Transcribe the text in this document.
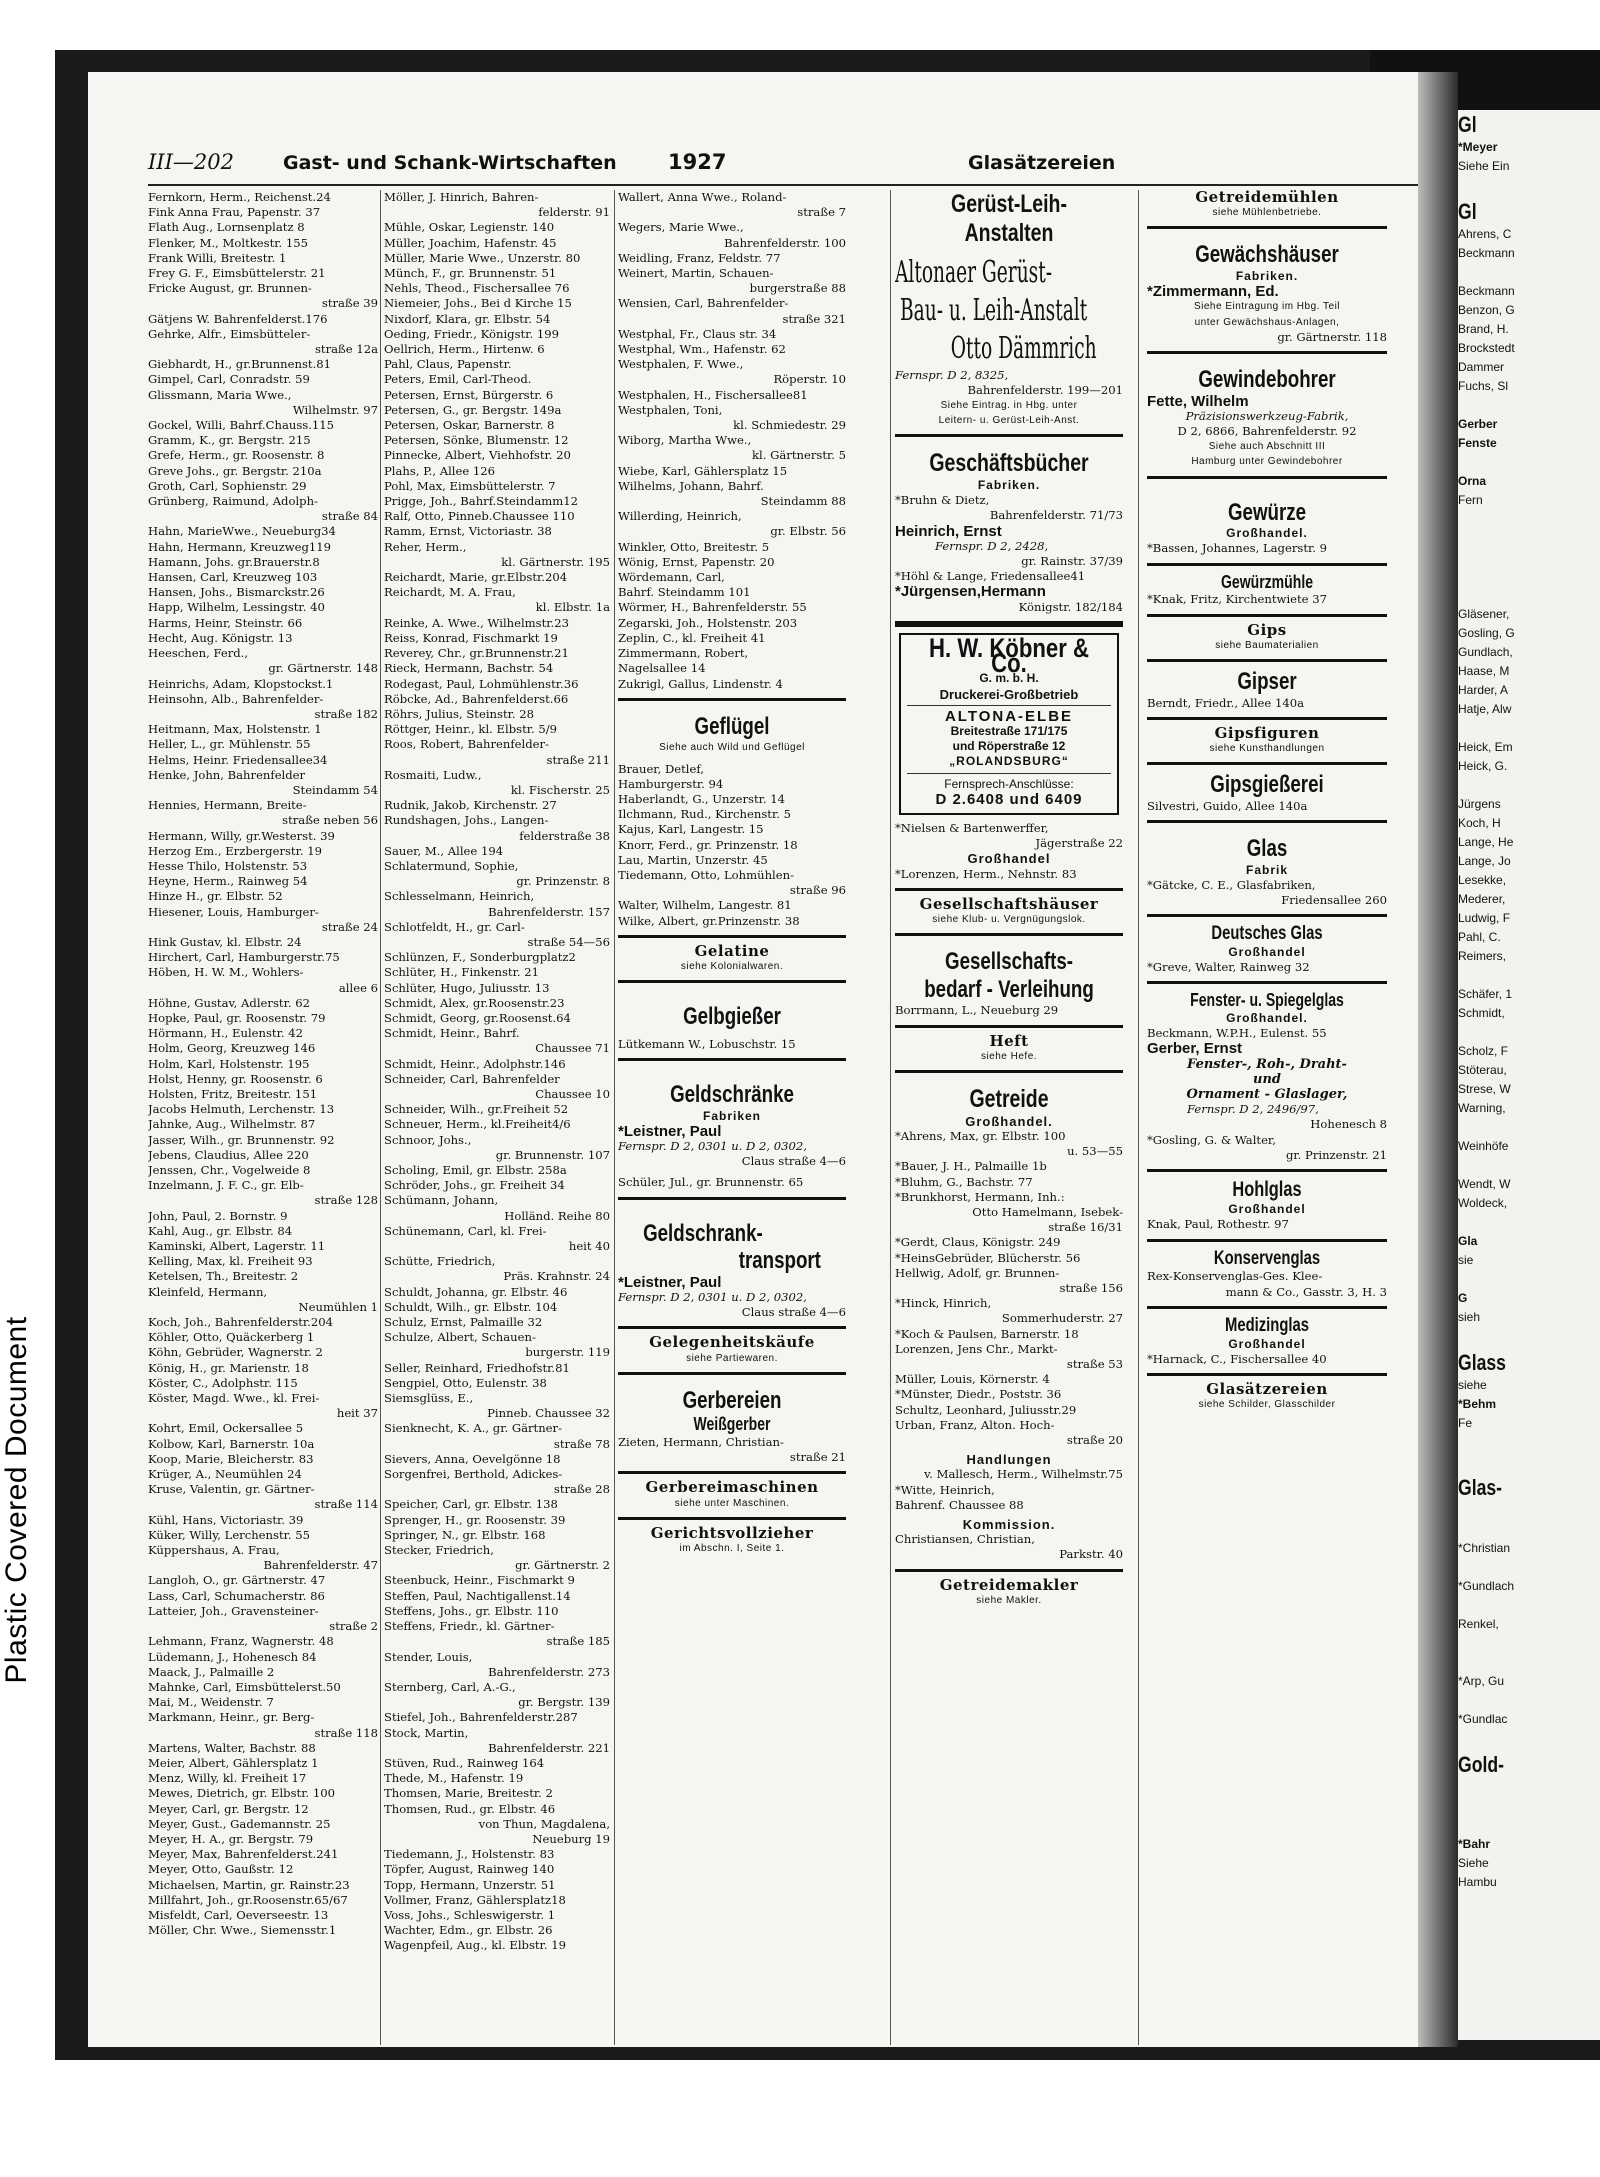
Plastic Covered Document
III—202	Gast- und Schank-Wirtschaften	1927	Glasätzereien
Fernkorn, Herm., Reichenst.24
Fink Anna Frau, Papenstr. 37
Flath Aug., Lornsenplatz 8
Flenker, M., Moltkestr. 155
Frank Willi, Breitestr. 1
Frey G. F., Eimsbüttelerstr. 21
Fricke August, gr. Brunnen-
straße 39
Gätjens W. Bahrenfelderst.176
Gehrke, Alfr., Eimsbütteler-
straße 12a
Giebhardt, H., gr.Brunnenst.81
Gimpel, Carl, Conradstr. 59
Glissmann, Maria Wwe.,
Wilhelmstr. 97
Gockel, Willi, Bahrf.Chauss.115
Gramm, K., gr. Bergstr. 215
Grefe, Herm., gr. Roosenstr. 8
Greve Johs., gr. Bergstr. 210a
Groth, Carl, Sophienstr. 29
Grünberg, Raimund, Adolph-
straße 84
Hahn, MarieWwe., Neueburg34
Hahn, Hermann, Kreuzweg119
Hamann, Johs. gr.Brauerstr.8
Hansen, Carl, Kreuzweg 103
Hansen, Johs., Bismarckstr.26
Happ, Wilhelm, Lessingstr. 40
Harms, Heinr, Steinstr. 66
Hecht, Aug. Königstr. 13
Heeschen, Ferd.,
gr. Gärtnerstr. 148
Heinrichs, Adam, Klopstockst.1
Heinsohn, Alb., Bahrenfelder-
straße 182
Heitmann, Max, Holstenstr. 1
Heller, L., gr. Mühlenstr. 55
Helms, Heinr. Friedensallee34
Henke, John, Bahrenfelder
Steindamm 54
Hennies, Hermann, Breite-
straße neben 56
Hermann, Willy, gr.Westerst. 39
Herzog Em., Erzbergerstr. 19
Hesse Thilo, Holstenstr. 53
Heyne, Herm., Rainweg 54
Hinze H., gr. Elbstr. 52
Hiesener, Louis, Hamburger-
straße 24
Hink Gustav, kl. Elbstr. 24
Hirchert, Carl, Hamburgerstr.75
Höben, H. W. M., Wohlers-
allee 6
Höhne, Gustav, Adlerstr. 62
Hopke, Paul, gr. Roosenstr. 79
Hörmann, H., Eulenstr. 42
Holm, Georg, Kreuzweg 146
Holm, Karl, Holstenstr. 195
Holst, Henny, gr. Roosenstr. 6
Holsten, Fritz, Breitestr. 151
Jacobs Helmuth, Lerchenstr. 13
Jahnke, Aug., Wilhelmstr. 87
Jasser, Wilh., gr. Brunnenstr. 92
Jebens, Claudius, Allee 220
Jenssen, Chr., Vogelweide 8
Inzelmann, J. F. C., gr. Elb-
straße 128
John, Paul, 2. Bornstr. 9
Kahl, Aug., gr. Elbstr. 84
Kaminski, Albert, Lagerstr. 11
Kelling, Max, kl. Freiheit 93
Ketelsen, Th., Breitestr. 2
Kleinfeld, Hermann,
Neumühlen 1
Koch, Joh., Bahrenfelderstr.204
Köhler, Otto, Quäckerberg 1
Köhn, Gebrüder, Wagnerstr. 2
König, H., gr. Marienstr. 18
Köster, C., Adolphstr. 115
Köster, Magd. Wwe., kl. Frei-
heit 37
Kohrt, Emil, Ockersallee 5
Kolbow, Karl, Barnerstr. 10a
Koop, Marie, Bleicherstr. 83
Krüger, A., Neumühlen 24
Kruse, Valentin, gr. Gärtner-
straße 114
Kühl, Hans, Victoriastr. 39
Küker, Willy, Lerchenstr. 55
Küppershaus, A. Frau,
Bahrenfelderstr. 47
Langloh, O., gr. Gärtnerstr. 47
Lass, Carl, Schumacherstr. 86
Latteier, Joh., Gravensteiner-
straße 2
Lehmann, Franz, Wagnerstr. 48
Lüdemann, J., Hohenesch 84
Maack, J., Palmaille 2
Mahnke, Carl, Eimsbüttelerst.50
Mai, M., Weidenstr. 7
Markmann, Heinr., gr. Berg-
straße 118
Martens, Walter, Bachstr. 88
Meier, Albert, Gählersplatz 1
Menz, Willy, kl. Freiheit 17
Mewes, Dietrich, gr. Elbstr. 100
Meyer, Carl, gr. Bergstr. 12
Meyer, Gust., Gademannstr. 25
Meyer, H. A., gr. Bergstr. 79
Meyer, Max, Bahrenfelderst.241
Meyer, Otto, Gaußstr. 12
Michaelsen, Martin, gr. Rainstr.23
Millfahrt, Joh., gr.Roosenstr.65/67
Misfeldt, Carl, Oeverseestr. 13
Möller, Chr. Wwe., Siemensstr.1
Möller, J. Hinrich, Bahren-
felderstr. 91
Mühle, Oskar, Legienstr. 140
Müller, Joachim, Hafenstr. 45
Müller, Marie Wwe., Unzerstr. 80
Münch, F., gr. Brunnenstr. 51
Nehls, Theod., Fischersallee 76
Niemeier, Johs., Bei d Kirche 15
Nixdorf, Klara, gr. Elbstr. 54
Oeding, Friedr., Königstr. 199
Oellrich, Herm., Hirtenw. 6
Pahl, Claus, Papenstr.
Peters, Emil, Carl-Theod.
Petersen, Ernst, Bürgerstr. 6
Petersen, G., gr. Bergstr. 149a
Petersen, Oskar, Barnerstr. 8
Petersen, Sönke, Blumenstr. 12
Pinnecke, Albert, Viehhofstr. 20
Plahs, P., Allee 126
Pohl, Max, Eimsbüttelerstr. 7
Prigge, Joh., Bahrf.Steindamm12
Ralf, Otto, Pinneb.Chaussee 110
Ramm, Ernst, Victoriastr. 38
Reher, Herm.,
kl. Gärtnerstr. 195
Reichardt, Marie, gr.Elbstr.204
Reichardt, M. A. Frau,
kl. Elbstr. 1a
Reinke, A. Wwe., Wilhelmstr.23
Reiss, Konrad, Fischmarkt 19
Reverey, Chr., gr.Brunnenstr.21
Rieck, Hermann, Bachstr. 54
Rodegast, Paul, Lohmühlenstr.36
Röbcke, Ad., Bahrenfelderst.66
Röhrs, Julius, Steinstr. 28
Röttger, Heinr., kl. Elbstr. 5/9
Roos, Robert, Bahrenfelder-
straße 211
Rosmaiti, Ludw.,
kl. Fischerstr. 25
Rudnik, Jakob, Kirchenstr. 27
Rundshagen, Johs., Langen-
felderstraße 38
Sauer, M., Allee 194
Schlatermund, Sophie,
gr. Prinzenstr. 8
Schlesselmann, Heinrich,
Bahrenfelderstr. 157
Schlotfeldt, H., gr. Carl-
straße 54—56
Schlünzen, F., Sonderburgplatz2
Schlüter, H., Finkenstr. 21
Schlüter, Hugo, Juliusstr. 13
Schmidt, Alex, gr.Roosenstr.23
Schmidt, Georg, gr.Roosenst.64
Schmidt, Heinr., Bahrf.
Chaussee 71
Schmidt, Heinr., Adolphstr.146
Schneider, Carl, Bahrenfelder
Chaussee 10
Schneider, Wilh., gr.Freiheit 52
Schneuer, Herm., kl.Freiheit4/6
Schnoor, Johs.,
gr. Brunnenstr. 107
Scholing, Emil, gr. Elbstr. 258a
Schröder, Johs., gr. Freiheit 34
Schümann, Johann,
Holländ. Reihe 80
Schünemann, Carl, kl. Frei-
heit 40
Schütte, Friedrich,
Präs. Krahnstr. 24
Schuldt, Johanna, gr. Elbstr. 46
Schuldt, Wilh., gr. Elbstr. 104
Schulz, Ernst, Palmaille 32
Schulze, Albert, Schauen-
burgerstr. 119
Seller, Reinhard, Friedhofstr.81
Sengpiel, Otto, Eulenstr. 38
Siemsglüss, E.,
Pinneb. Chaussee 32
Sienknecht, K. A., gr. Gärtner-
straße 78
Sievers, Anna, Oevelgönne 18
Sorgenfrei, Berthold, Adickes-
straße 28
Speicher, Carl, gr. Elbstr. 138
Sprenger, H., gr. Roosenstr. 39
Springer, N., gr. Elbstr. 168
Stecker, Friedrich,
gr. Gärtnerstr. 2
Steenbuck, Heinr., Fischmarkt 9
Steffen, Paul, Nachtigallenst.14
Steffens, Johs., gr. Elbstr. 110
Steffens, Friedr., kl. Gärtner-
straße 185
Stender, Louis,
Bahrenfelderstr. 273
Sternberg, Carl, A.-G.,
gr. Bergstr. 139
Stiefel, Joh., Bahrenfelderstr.287
Stock, Martin,
Bahrenfelderstr. 221
Stüven, Rud., Rainweg 164
Thede, M., Hafenstr. 19
Thomsen, Marie, Breitestr. 2
Thomsen, Rud., gr. Elbstr. 46
von Thun, Magdalena,
Neueburg 19
Tiedemann, J., Holstenstr. 83
Töpfer, August, Rainweg 140
Topp, Hermann, Unzerstr. 51
Vollmer, Franz, Gählersplatz18
Voss, Johs., Schleswigerstr. 1
Wachter, Edm., gr. Elbstr. 26
Wagenpfeil, Aug., kl. Elbstr. 19
Wallert, Anna Wwe., Roland-
straße 7
Wegers, Marie Wwe.,
Bahrenfelderstr. 100
Weidling, Franz, Feldstr. 77
Weinert, Martin, Schauen-
burgerstraße 88
Wensien, Carl, Bahrenfelder-
straße 321
Westphal, Fr., Claus str. 34
Westphal, Wm., Hafenstr. 62
Westphalen, F. Wwe.,
Röperstr. 10
Westphalen, H., Fischersallee81
Westphalen, Toni,
kl. Schmiedestr. 29
Wiborg, Martha Wwe.,
kl. Gärtnerstr. 5
Wiebe, Karl, Gählersplatz 15
Wilhelms, Johann, Bahrf.
Steindamm 88
Willerding, Heinrich,
gr. Elbstr. 56
Winkler, Otto, Breitestr. 5
Wönig, Ernst, Papenstr. 20
Wördemann, Carl,
Bahrf. Steindamm 101
Wörmer, H., Bahrenfelderstr. 55
Zegarski, Joh., Holstenstr. 203
Zeplin, C., kl. Freiheit 41
Zimmermann, Robert,
Nagelsallee 14
Zukrigl, Gallus, Lindenstr. 4
Geflügel
Siehe auch Wild und Geflügel
Brauer, Detlef,
Hamburgerstr. 94
Haberlandt, G., Unzerstr. 14
Ilchmann, Rud., Kirchenstr. 5
Kajus, Karl, Langestr. 15
Knorr, Ferd., gr. Prinzenstr. 18
Lau, Martin, Unzerstr. 45
Tiedemann, Otto, Lohmühlen-
straße 96
Walter, Wilhelm, Langestr. 81
Wilke, Albert, gr.Prinzenstr. 38
Gelatine
siehe Kolonialwaren.
Gelbgießer
Lütkemann W., Lobuschstr. 15
Geldschränke
Fabriken
*Leistner, Paul
Fernspr. D 2, 0301 u. D 2, 0302,
Claus straße 4—6
Schüler, Jul., gr. Brunnenstr. 65
Geldschrank-
transport
*Leistner, Paul
Fernspr. D 2, 0301 u. D 2, 0302,
Claus straße 4—6
Gelegenheitskäufe
siehe Partiewaren.
Gerbereien
Weißgerber
Zieten, Hermann, Christian-
straße 21
Gerbereimaschinen
siehe unter Maschinen.
Gerichtsvollzieher
im Abschn. I, Seite 1.
Gerüst-Leih-
Anstalten
Altonaer Gerüst-
Bau- u. Leih-Anstalt
Otto Dämmrich
Fernspr. D 2, 8325,
Bahrenfelderstr. 199—201
Siehe Eintrag. in Hbg. unter
Leitern- u. Gerüst-Leih-Anst.
Geschäftsbücher
Fabriken.
*Bruhn & Dietz,
Bahrenfelderstr. 71/73
Heinrich, Ernst
Fernspr. D 2, 2428,
gr. Rainstr. 37/39
*Höhl & Lange, Friedensallee41
*Jürgensen,Hermann
Königstr. 182/184
H. W. Köbner & Co.
G. m. b. H.
Druckerei-Großbetrieb
ALTONA-ELBE
Breitestraße 171/175
und Röperstraße 12
„ROLANDSBURG“
Fernsprech-Anschlüsse:
D 2.6408 und 6409
*Nielsen & Bartenwerffer,
Jägerstraße 22
Großhandel
*Lorenzen, Herm., Nehnstr. 83
Gesellschaftshäuser
siehe Klub- u. Vergnügungslok.
Gesellschafts-
bedarf - Verleihung
Borrmann, L., Neueburg 29
Heft
siehe Hefe.
Getreide
Großhandel.
*Ahrens, Max, gr. Elbstr. 100
u. 53—55
*Bauer, J. H., Palmaille 1b
*Bluhm, G., Bachstr. 77
*Brunkhorst, Hermann, Inh.:
Otto Hamelmann, Isebek-
straße 16/31
*Gerdt, Claus, Königstr. 249
*HeinsGebrüder, Blücherstr. 56
Hellwig, Adolf, gr. Brunnen-
straße 156
*Hinck, Hinrich,
Sommerhuderstr. 27
*Koch & Paulsen, Barnerstr. 18
Lorenzen, Jens Chr., Markt-
straße 53
Müller, Louis, Körnerstr. 4
*Münster, Diedr., Poststr. 36
Schultz, Leonhard, Juliusstr.29
Urban, Franz, Alton. Hoch-
straße 20
Handlungen
v. Mallesch, Herm., Wilhelmstr.75
*Witte, Heinrich,
Bahrenf. Chaussee 88
Kommission.
Christiansen, Christian,
Parkstr. 40
Getreidemakler
siehe Makler.
Getreidemühlen
siehe Mühlenbetriebe.
Gewächshäuser
Fabriken.
*Zimmermann, Ed.
Siehe Eintragung im Hbg. Teil
unter Gewächshaus-Anlagen,
gr. Gärtnerstr. 118
Gewindebohrer
Fette, Wilhelm
Präzisionswerkzeug-Fabrik,
D 2, 6866, Bahrenfelderstr. 92
Siehe auch Abschnitt III
Hamburg unter Gewindebohrer
Gewürze
Großhandel.
*Bassen, Johannes, Lagerstr. 9
Gewürzmühle
*Knak, Fritz, Kirchentwiete 37
Gips
siehe Baumaterialien
Gipser
Berndt, Friedr., Allee 140a
Gipsfiguren
siehe Kunsthandlungen
Gipsgießerei
Silvestri, Guido, Allee 140a
Glas
Fabrik
*Gätcke, C. E., Glasfabriken,
Friedensallee 260
Deutsches Glas
Großhandel
*Greve, Walter, Rainweg 32
Fenster- u. Spiegelglas
Großhandel.
Beckmann, W.P.H., Eulenst. 55
Gerber, Ernst
Fenster-, Roh-, Draht-
und
Ornament - Glaslager,
Fernspr. D 2, 2496/97,
Hohenesch 8
*Gosling, G. & Walter,
gr. Prinzenstr. 21
Hohlglas
Großhandel
Knak, Paul, Rothestr. 97
Konservenglas
Rex-Konservenglas-Ges. Klee-
mann & Co., Gasstr. 3, H. 3
Medizinglas
Großhandel
*Harnack, C., Fischersallee 40
Glasätzereien
siehe Schilder, Glasschilder
Gl
*Meyer
Siehe Ein
Gl
Ahrens, C
Beckmann
Beckmann
Benzon, G
Brand, H.
Brockstedt
Dammer
Fuchs, Sl
Gerber
Fenste
Orna
Fern
Gläsener,
Gosling, G
Gundlach,
Haase, M
Harder, A
Hatje, Alw
Heick, Em
Heick, G.
Jürgens
Koch, H
Lange, He
Lange, Jo
Lesekke,
Mederer,
Ludwig, F
Pahl, C.
Reimers,
Schäfer, 1
Schmidt,
Scholz, F
Stöterau,
Strese, W
Warning,
Weinhöfe
Wendt, W
Woldeck,
Gla
sie
G
sieh
Glass
siehe
*Behm
Fe
Glas-
*Christian
*Gundlach
Renkel,
*Arp, Gu
*Gundlac
Gold-
*Bahr
Siehe
Hambu
